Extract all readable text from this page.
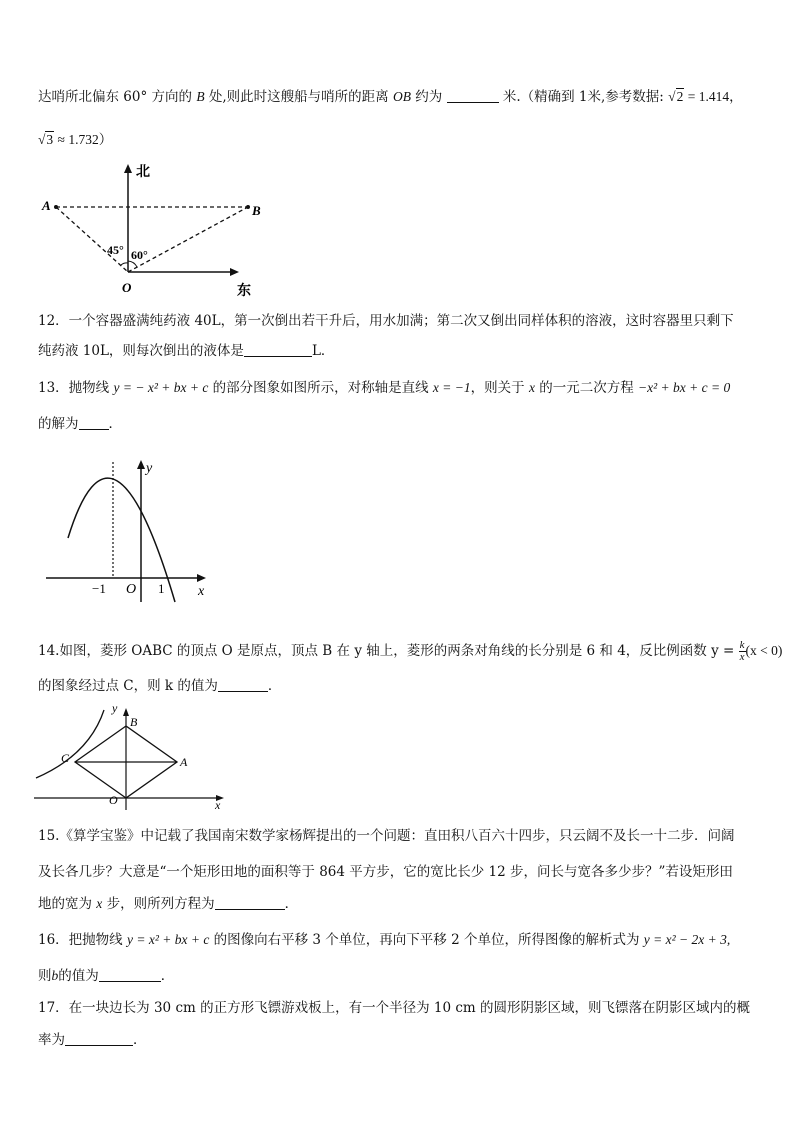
达哨所北偏东 60° 方向的 B 处,则此时这艘船与哨所的距离 OB 约为	米.（精确到 1米,参考数据: √2 = 1.414，
√3 ≈ 1.732）
北
东
A	B
O
45° 60°
12．一个容器盛满纯药液 40L，第一次倒出若干升后，用水加满；第二次又倒出同样体积的溶液，这时容器里只剩下
纯药液 10L，则每次倒出的液体是	L．
13．抛物线 y = − x² + bx + c 的部分图象如图所示，对称轴是直线 x = −1，则关于 x 的一元二次方程 −x² + bx + c = 0
的解为 ．
y
x
O
−1	1
14.如图，菱形 OABC 的顶点 O 是原点，顶点 B 在 y 轴上，菱形的两条对角线的长分别是 6 和 4，反比例函数 $y = \frac{k}{x} (x < 0)$
的图象经过点 C，则 k 的值为	．
y
x
B
C	A
O
15.《算学宝鉴》中记载了我国南宋数学家杨辉提出的一个问题：直田积八百六十四步，只云阔不及长一十二步．问阔
及长各几步？大意是“一个矩形田地的面积等于 864 平方步，它的宽比长少 12 步，问长与宽各多少步？”若设矩形田
地的宽为 x 步，则所列方程为	．
16．把抛物线 y = x² + bx + c 的图像向右平移 3 个单位，再向下平移 2 个单位，所得图像的解析式为 y = x² − 2x + 3,
则b的值为	．
17．在一块边长为 30 cm 的正方形飞镖游戏板上，有一个半径为 10 cm 的圆形阴影区域，则飞镖落在阴影区域内的概
率为	．
